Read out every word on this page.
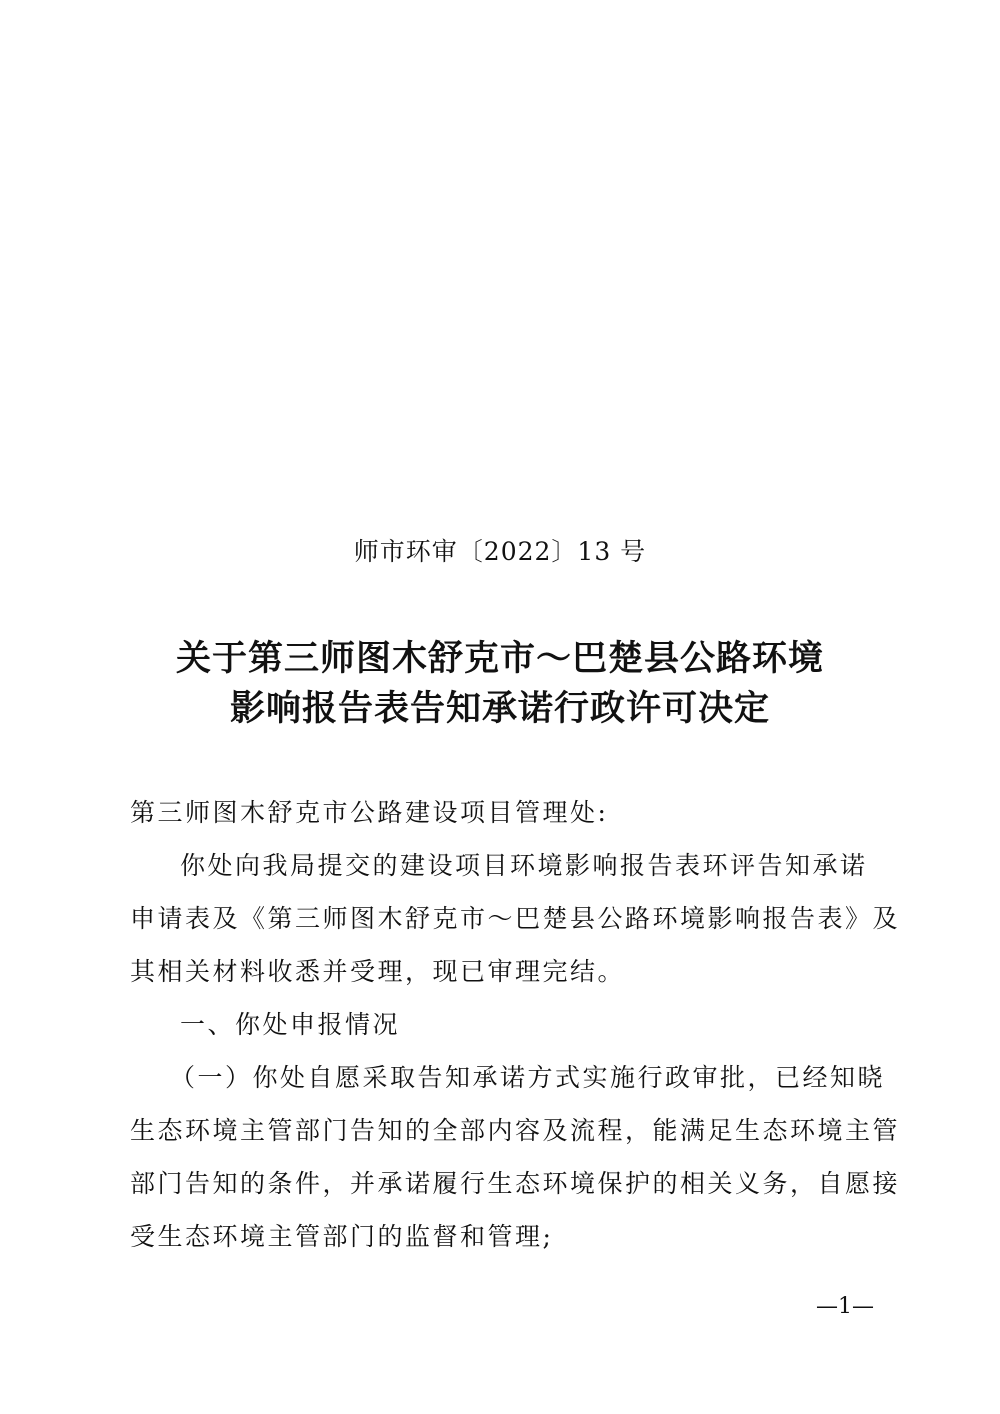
师市环审〔2022〕13 号
关于第三师图木舒克市～巴楚县公路环境
影响报告表告知承诺行政许可决定
第三师图木舒克市公路建设项目管理处:
你处向我局提交的建设项目环境影响报告表环评告知承诺
申请表及《第三师图木舒克市～巴楚县公路环境影响报告表》及
其相关材料收悉并受理，现已审理完结。
一、你处申报情况
（一）你处自愿采取告知承诺方式实施行政审批，已经知晓
生态环境主管部门告知的全部内容及流程，能满足生态环境主管
部门告知的条件，并承诺履行生态环境保护的相关义务，自愿接
受生态环境主管部门的监督和管理;
—1—
